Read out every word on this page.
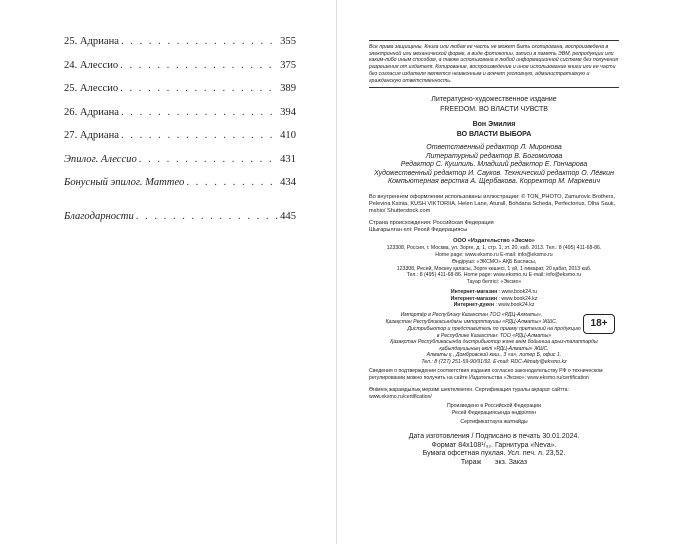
25. Адриана . . .	355
24. Алессио . . .	375
25. Алессио . . .	389
26. Адриана . . .	394
27. Адриана . . .	410
Эпилог. Алессио . . .	431
Бонусный эпилог. Маттео . . .	434
Благодарности . . .	445
Все права защищены. Книга или любая ее часть не может быть скопирована, воспроизведена в электронной или механической форме, в виде фотокопии, записи в память ЭВМ, репродукции или каким-либо иным способом, а также использована в любой информационной системе без получения разрешения от издателя. Копирование, воспроизведение и иное использование книги или ее части без согласия издателя является незаконным и влечет уголовную, административную и гражданскую ответственность.
Литературно-художественное издание
FREEDOM. ВО ВЛАСТИ ЧУВСТВ
Вон Эмилия
ВО ВЛАСТИ ВЫБОРА
Ответственный редактор Л. Миронова
Литературный редактор В. Богомолова
Редактор С. Кушпиль. Младший редактор Е. Гончарова
Художественный редактор И. Сауков. Технический редактор О. Лёвкин
Компьютерная верстка А. Щербакова. Корректор М. Маркевич
Во внутреннем оформлении использованы иллюстрации: © TON_PHOTO, Zamurovic Brothers, Pelevina Ksinia, KUSH VIKTORIIA, Helen Lane, Aturall, Bohdana Scheda, Perfectorius, Olha Sauk, mshio/ Shutterstock.com
Страна происхождения: Российская Федерация
Шығарылған елі: Ресей Федерациясы
ООО «Издательство «Эксмо»
123308, Россия, г. Москва, ул. Зорге, д. 1, стр. 1, эт. 20, каб. 2013. Тел.: 8 (495) 411-68-86.
Home page: www.eksmo.ru E-mail: info@eksmo.ru
Өндіруші: «ЭКСМО» АҚБ Баспасы,
123308, Ресей, Мәскеу қаласы, Зорге көшесі, 1 үй, 1 ғимарат, 20 қабат, 2013 каб.
Тел.: 8 (495) 411-68-86. Home page: www.eksmo.ru E-mail: info@eksmo.ru
Тауар белгісі: «Эксмо»
Интернет-магазин : www.book24.ru
Интернет-магазин : www.book24.kz
Интернет-дүкен : www.book24.kz
18+
Импортёр в Республику Казахстан ТОО «РДЦ-Алматы».
Қазақстан Республикасындағы импорттаушы «РДЦ-Алматы» ЖШС.
Дистрибьютор и представитель по приему претензий на продукцию
в Республике Казахстан: ТОО «РДЦ-Алматы»
Қазақстан Республикасында дистрибьютор және өнім бойынша арыз-талаптарды
қабылдаушының өкілі «РДЦ-Алматы» ЖШС,
Алматы қ., Домбровский көш., 3 «а», литер Б, офис 1.
Тел.: 8 (727) 251-59-90/91/92. E-mail: RDC-Almaty@eksmo.kz
Сведения о подтверждении соответствия издания согласно законодательству РФ о техническом регулировании можно получить на сайте Издательства «Эксмо»: www.eksmo.ru/certification
Өнімнің жарамдылық мерзімі шектелмеген. Сертификация туралы ақпарат сайтта: www.eksmo.ru/certification/
Произведено в Российской Федерации
Ресей Федерациясында өндірілген
Сертификаттауға жатпайды
Дата изготовления / Подписано в печать 30.01.2024.
Формат 84x108¹/₃₂. Гарнитура «Neva».
Бумага офсетная пухлая. Усл. печ. л. 23,52.
Тираж       экз. Заказ
